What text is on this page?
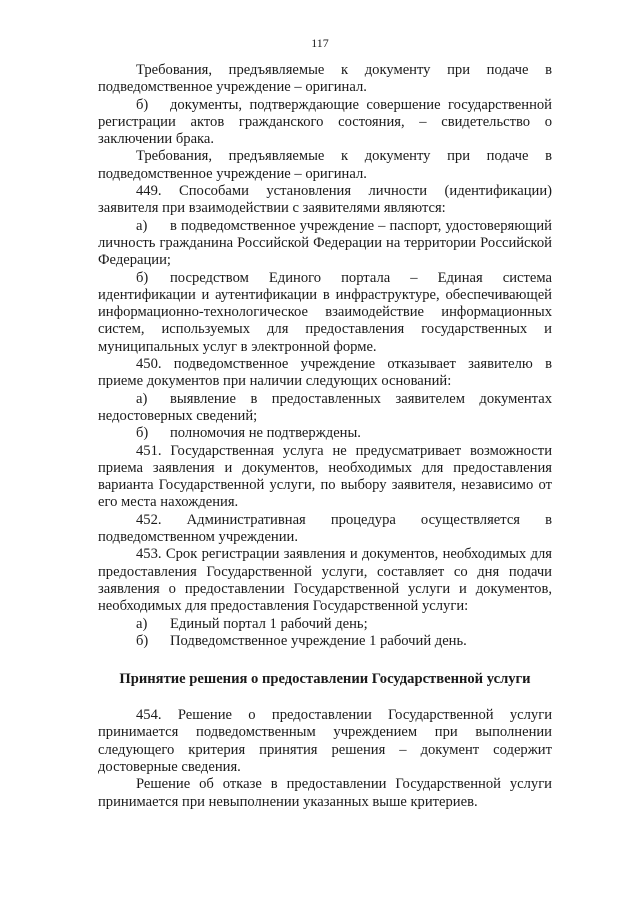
117

Требования, предъявляемые к документу при подаче в подведомственное учреждение – оригинал.

б)	документы, подтверждающие совершение государственной регистрации актов гражданского состояния, – свидетельство о заключении брака.

Требования, предъявляемые к документу при подаче в подведомственное учреждение – оригинал.

449. Способами установления личности (идентификации) заявителя при взаимодействии с заявителями являются:

а)	в подведомственное учреждение – паспорт, удостоверяющий личность гражданина Российской Федерации на территории Российской Федерации;

б)	посредством Единого портала – Единая система идентификации и аутентификации в инфраструктуре, обеспечивающей информационно-технологическое взаимодействие информационных систем, используемых для предоставления государственных и муниципальных услуг в электронной форме.

450. подведомственное учреждение отказывает заявителю в приеме документов при наличии следующих оснований:

а)	выявление в предоставленных заявителем документах недостоверных сведений;

б)	полномочия не подтверждены.

451. Государственная услуга не предусматривает возможности приема заявления и документов, необходимых для предоставления варианта Государственной услуги, по выбору заявителя, независимо от его места нахождения.

452. Административная процедура осуществляется в подведомственном учреждении.

453. Срок регистрации заявления и документов, необходимых для предоставления Государственной услуги, составляет со дня подачи заявления о предоставлении Государственной услуги и документов, необходимых для предоставления Государственной услуги:

а)	Единый портал 1 рабочий день;
б)	Подведомственное учреждение 1 рабочий день.

Принятие решения о предоставлении Государственной услуги

454. Решение о предоставлении Государственной услуги принимается подведомственным учреждением при выполнении следующего критерия принятия решения – документ содержит достоверные сведения.

Решение об отказе в предоставлении Государственной услуги принимается при невыполнении указанных выше критериев.
